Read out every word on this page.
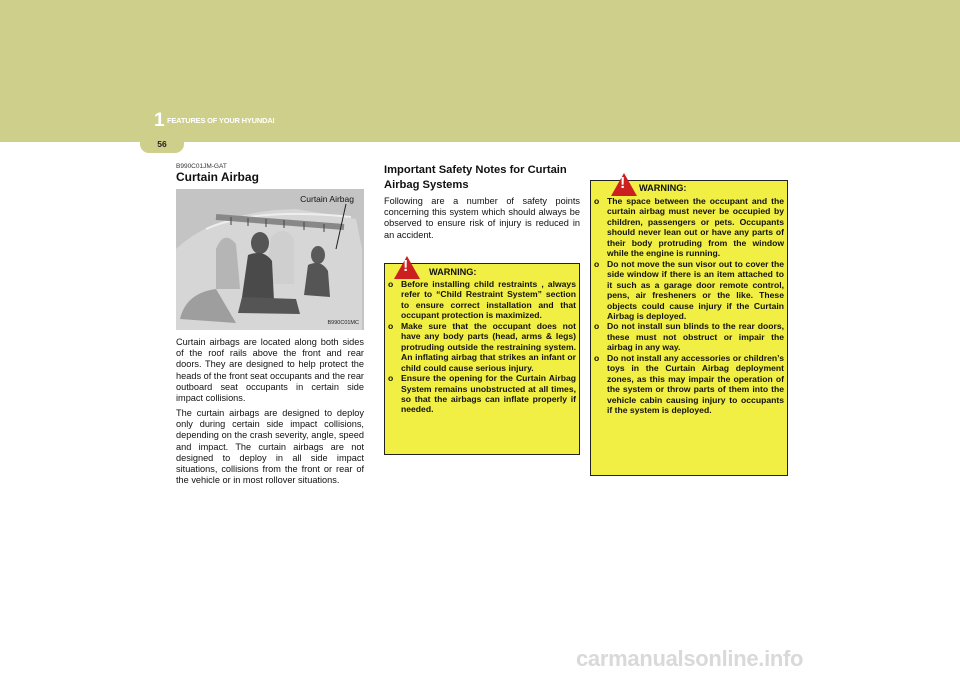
1 FEATURES OF YOUR HYUNDAI
56
B990C01JM-GAT
Curtain Airbag
Curtain Airbag
B990C01MC

Curtain airbags are located along both sides of the roof rails above the front and rear doors. They are designed to help protect the heads of the front seat occupants and the rear outboard seat occupants in certain side impact collisions.

The curtain airbags are designed to deploy only during certain side impact collisions, depending on the crash severity, angle, speed and impact. The curtain airbags are not designed to deploy in all side impact situations, collisions from the front or rear of the vehicle or in most rollover situations.

Important Safety Notes for Curtain Airbag Systems

Following are a number of safety points concerning this system which should always be observed to ensure risk of injury is reduced in an accident.

! WARNING:
o Before installing child restraints , always refer to “Child Restraint System” section to ensure correct installation and that occupant protection is maximized.
o Make sure that the occupant does not have any body parts (head, arms & legs) protruding outside the restraining system. An inflating airbag that strikes an infant or child could cause serious injury.
o Ensure the opening for the Curtain Airbag System remains unobstructed at all times, so that the airbags can inflate properly if needed.
! WARNING:
o The space between the occupant and the curtain airbag must never be occupied by children, passengers or pets. Occupants should never lean out or have any parts of their body protruding from the window while the engine is running.
o Do not move the sun visor out to cover the side window if there is an item attached to it such as a garage door remote control, pens, air fresheners or the like. These objects could cause injury if the Curtain Airbag is deployed.
o Do not install sun blinds to the rear doors, these must not obstruct or impair the airbag in any way.
o Do not install any accessories or children’s toys in the Curtain Airbag deployment zones, as this may impair the operation of the system or throw parts of them into the vehicle cabin causing injury to occupants if the system is deployed.
carmanualsonline.info
